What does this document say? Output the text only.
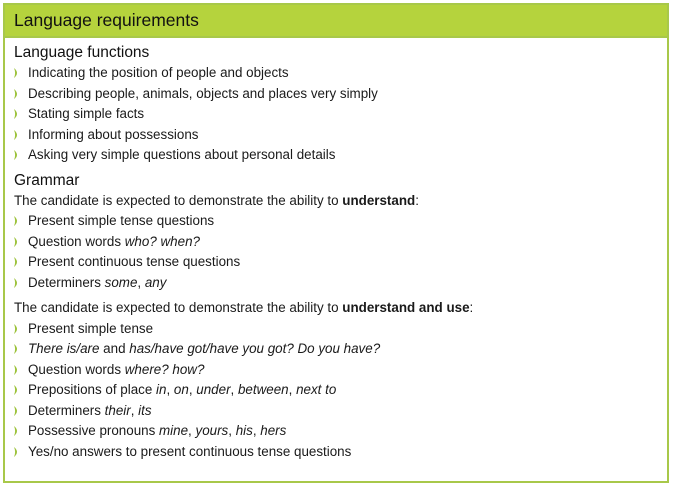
Language requirements
Language functions
Indicating the position of people and objects
Describing people, animals, objects and places very simply
Stating simple facts
Informing about possessions
Asking very simple questions about personal details
Grammar

The candidate is expected to demonstrate the ability to understand:

Present simple tense questions
Question words who? when?
Present continuous tense questions
Determiners some, any

The candidate is expected to demonstrate the ability to understand and use:

Present simple tense
There is/are and has/have got/have you got? Do you have?
Question words where? how?
Prepositions of place in, on, under, between, next to
Determiners their, its
Possessive pronouns mine, yours, his, hers
Yes/no answers to present continuous tense questions
